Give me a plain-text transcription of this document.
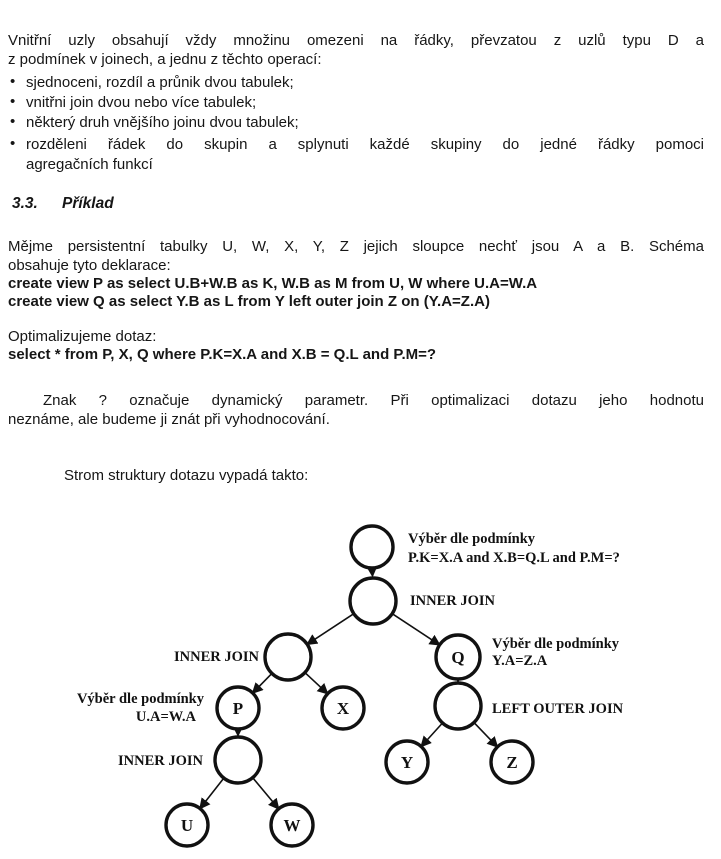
Vnitřní uzly obsahují vždy množinu omezeni na řádky, převzatou z uzlů typu D a
z podmínek v joinech, a jednu z těchto operací:
• sjednoceni, rozdíl a průnik dvou tabulek;
• vnitřni join dvou nebo více tabulek;
• některý druh vnějšího joinu dvou tabulek;
• rozděleni řádek do skupin a splynuti každé skupiny do jedné řádky pomoci
agregačních funkcí
3.3. Příklad
Mějme persistentní tabulky U, W, X, Y, Z jejich sloupce nechť jsou A a B. Schéma
obsahuje tyto deklarace:
create view P as select U.B+W.B as K, W.B as M from U, W where U.A=W.A
create view Q as select Y.B as L from Y left outer join Z on (Y.A=Z.A)
Optimalizujeme dotaz:
select * from P, X, Q where P.K=X.A and X.B = Q.L and P.M=?
Znak ? označuje dynamický parametr. Při optimalizaci dotazu jeho hodnotu
neznáme, ale budeme ji znát při vyhodnocování.
Strom struktury dotazu vypadá takto:
Q
P	X
Y	Z
U	W
Výběr dle podmínky
P.K=X.A and X.B=Q.L and P.M=?
INNER JOIN
INNER JOIN
Výběr dle podmínky
Y.A=Z.A
Výběr dle podmínky
U.A=W.A	LEFT OUTER JOIN
INNER JOIN
